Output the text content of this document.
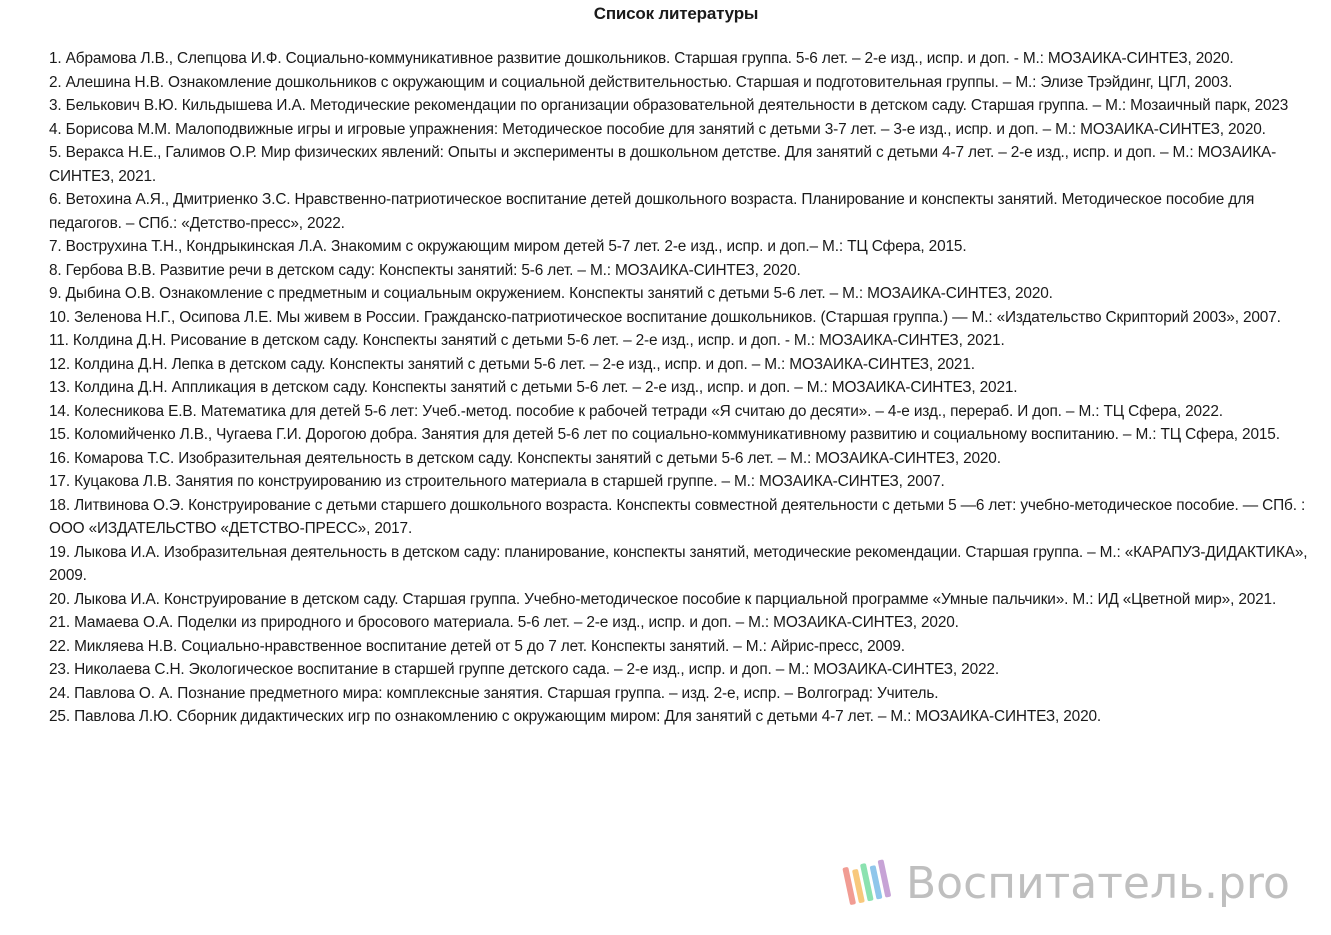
Список литературы
1. Абрамова Л.В., Слепцова И.Ф. Социально-коммуникативное развитие дошкольников. Старшая группа. 5-6 лет. – 2-е изд., испр. и доп. - М.: МОЗАИКА-СИНТЕЗ, 2020.
2. Алешина Н.В. Ознакомление дошкольников с окружающим и социальной действительностью. Старшая и подготовительная группы. – М.: Элизе Трэйдинг, ЦГЛ, 2003.
3. Белькович В.Ю. Кильдышева И.А. Методические рекомендации по организации образовательной деятельности в детском саду. Старшая группа. – М.: Мозаичный парк, 2023
4. Борисова М.М. Малоподвижные игры и игровые упражнения: Методическое пособие для занятий с детьми 3-7 лет. – 3-е изд., испр. и доп. – М.: МОЗАИКА-СИНТЕЗ, 2020.
5. Веракса Н.Е., Галимов О.Р. Мир физических явлений: Опыты и эксперименты в дошкольном детстве. Для занятий с детьми 4-7 лет. – 2-е изд., испр. и доп. – М.: МОЗАИКА-СИНТЕЗ, 2021.
6. Ветохина А.Я., Дмитриенко З.С. Нравственно-патриотическое воспитание детей дошкольного возраста. Планирование и конспекты занятий. Методическое пособие для педагогов. – СПб.: «Детство-пресс», 2022.
7. Вострухина Т.Н., Кондрыкинская Л.А. Знакомим с окружающим миром детей 5-7 лет. 2-е изд., испр. и доп.– М.: ТЦ Сфера, 2015.
8. Гербова В.В. Развитие речи в детском саду: Конспекты занятий: 5-6 лет. – М.: МОЗАИКА-СИНТЕЗ, 2020.
9. Дыбина О.В. Ознакомление с предметным и социальным окружением. Конспекты занятий с детьми 5-6 лет. – М.: МОЗАИКА-СИНТЕЗ, 2020.
10. Зеленова Н.Г., Осипова Л.Е. Мы живем в России. Гражданско-патриотическое воспитание дошкольников. (Старшая группа.) — М.: «Издательство Скрипторий 2003», 2007.
11. Колдина Д.Н. Рисование в детском саду. Конспекты занятий с детьми 5-6 лет. – 2-е изд., испр. и доп. - М.: МОЗАИКА-СИНТЕЗ, 2021.
12. Колдина Д.Н. Лепка в детском саду. Конспекты занятий с детьми 5-6 лет. – 2-е изд., испр. и доп. – М.: МОЗАИКА-СИНТЕЗ, 2021.
13. Колдина Д.Н. Аппликация в детском саду. Конспекты занятий с детьми 5-6 лет. – 2-е изд., испр. и доп. – М.: МОЗАИКА-СИНТЕЗ, 2021.
14. Колесникова Е.В. Математика для детей 5-6 лет: Учеб.-метод. пособие к рабочей тетради «Я считаю до десяти». – 4-е изд., перераб. И доп. – М.: ТЦ Сфера, 2022.
15. Коломийченко Л.В., Чугаева Г.И. Дорогою добра. Занятия для детей 5-6 лет по социально-коммуникативному развитию и социальному воспитанию. – М.: ТЦ Сфера, 2015.
16. Комарова Т.С. Изобразительная деятельность в детском саду. Конспекты занятий с детьми 5-6 лет. – М.: МОЗАИКА-СИНТЕЗ, 2020.
17. Куцакова Л.В. Занятия по конструированию из строительного материала в старшей группе. – М.: МОЗАИКА-СИНТЕЗ, 2007.
18. Литвинова О.Э. Конструирование с детьми старшего дошкольного возраста. Конспекты совместной деятельности с детьми 5 —6 лет: учебно-методическое пособие. — СПб. : ООО «ИЗДАТЕЛЬСТВО «ДЕТСТВО-ПРЕСС», 2017.
19. Лыкова И.А. Изобразительная деятельность в детском саду: планирование, конспекты занятий, методические рекомендации. Старшая группа. – М.: «КАРАПУЗ-ДИДАКТИКА», 2009.
20. Лыкова И.А. Конструирование в детском саду. Старшая группа. Учебно-методическое пособие к парциальной программе «Умные пальчики». М.: ИД «Цветной мир», 2021.
21. Мамаева О.А. Поделки из природного и бросового материала. 5-6 лет. – 2-е изд., испр. и доп. – М.: МОЗАИКА-СИНТЕЗ, 2020.
22. Микляева Н.В. Социально-нравственное воспитание детей от 5 до 7 лет. Конспекты занятий. – М.: Айрис-пресс, 2009.
23. Николаева С.Н. Экологическое воспитание в старшей группе детского сада. – 2-е изд., испр. и доп. – М.: МОЗАИКА-СИНТЕЗ, 2022.
24. Павлова О. А. Познание предметного мира: комплексные занятия. Старшая группа. – изд. 2-е, испр. – Волгоград: Учитель.
25. Павлова Л.Ю. Сборник дидактических игр по ознакомлению с окружающим миром: Для занятий с детьми 4-7 лет. – М.: МОЗАИКА-СИНТЕЗ, 2020.
Воспитатель.pro
